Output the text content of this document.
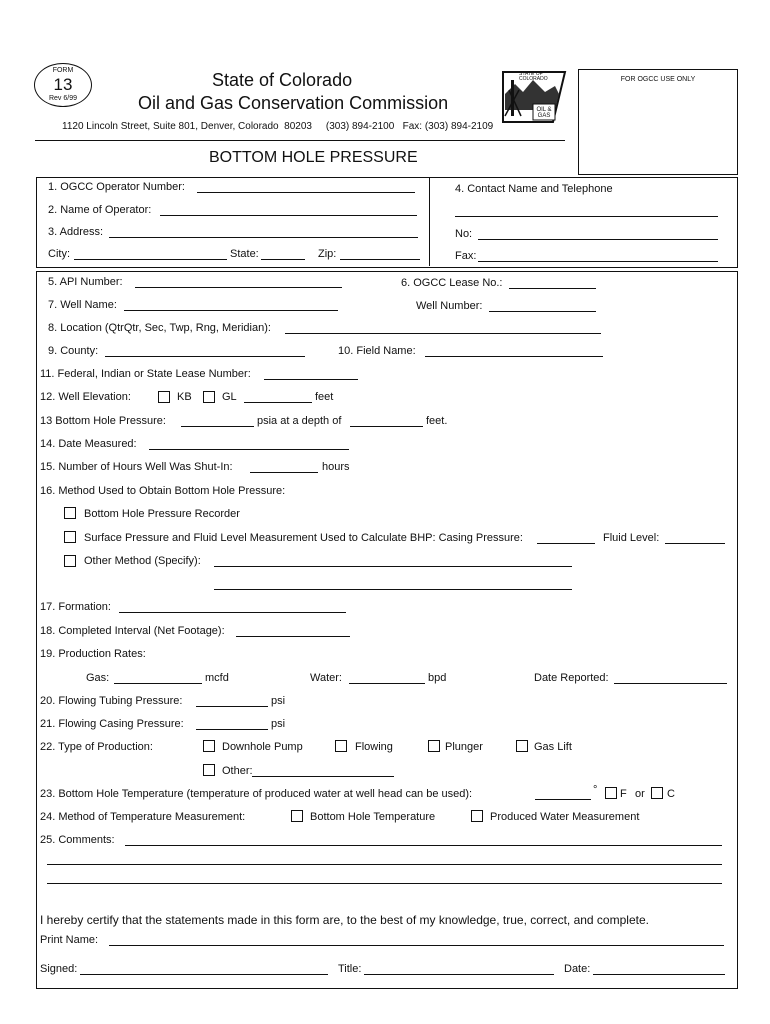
FORM
13
Rev 6/99
State of Colorado
Oil and Gas Conservation Commission
1120 Lincoln Street, Suite 801, Denver, Colorado  80203     (303) 894-2100   Fax: (303) 894-2109
STATE OF COLORADO
OIL & GAS
FOR OGCC USE ONLY
BOTTOM HOLE PRESSURE
1. OGCC Operator Number:
2. Name of Operator:
3. Address:
City:	State:	Zip:
4. Contact Name and Telephone
No:
Fax:
5. API Number:	6. OGCC Lease No.:
7. Well Name:	Well Number:
8. Location (QtrQtr, Sec, Twp, Rng, Meridian):
9. County:	10. Field Name:
11. Federal, Indian or State Lease Number:
12. Well Elevation:	KB	GL	feet
13 Bottom Hole Pressure:	psia at a depth of	feet.
14. Date Measured:
15. Number of Hours Well Was Shut-In:	hours
16. Method Used to Obtain Bottom Hole Pressure:
Bottom Hole Pressure Recorder
Surface Pressure and Fluid Level Measurement Used to Calculate BHP: Casing Pressure:	Fluid Level:
Other Method (Specify):
17. Formation:
18. Completed Interval (Net Footage):
19. Production Rates:
Gas:	mcfd	Water:	bpd	Date Reported:
20. Flowing Tubing Pressure:	psi
21. Flowing Casing Pressure:	psi
22. Type of Production:	Downhole Pump	Flowing	Plunger	Gas Lift
Other:
23. Bottom Hole Temperature (temperature of produced water at well head can be used):	° F or C
24. Method of Temperature Measurement:	Bottom Hole Temperature	Produced Water Measurement
25. Comments:
I hereby certify that the statements made in this form are, to the best of my knowledge, true, correct, and complete.
Print Name:
Signed:	Title:	Date:
